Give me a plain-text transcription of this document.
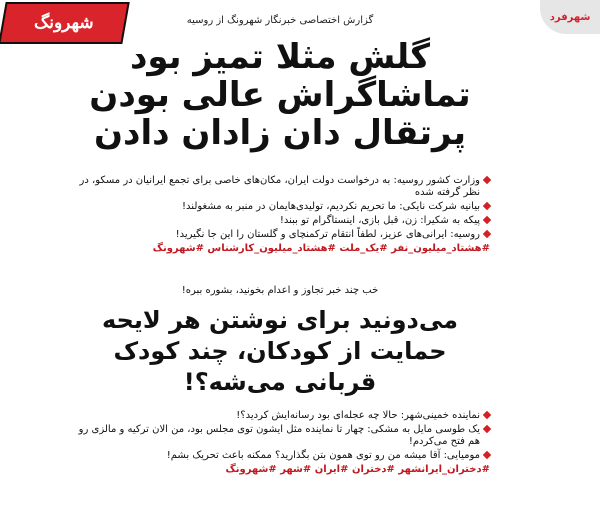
شهرونگ	شهرفرد
گزارش اختصاصی خبرنگار شهرونگ از روسیه
گلش مثلا تمیز بود
تماشاگراش عالی بودن
پرتقال دان زادان دادن
وزارت کشور روسیه: به درخواست دولت ایران، مکان‌های خاصی برای تجمع ایرانیان در مسکو، در نظر گرفته شده
بیانیه شرکت نایکی: ما تحریم نکردیم، تولیدی‌هایمان در منبر به مشغولند!
پیکه به شکیرا: زن، قبل بازی، اینستاگرام تو ببند!
روسیه: ایرانی‌های عزیز، لطفاً انتقام ترکمنچای و گلستان را این جا نگیرید!
#هشتاد_میلیون_نفر #یک_ملت #هشتاد_میلیون_کارشناس #شهرونگ
خب چند خبر تجاوز و اعدام بخونید، بشوره ببره!
می‌دونید برای نوشتن هر لایحه
حمایت از کودکان، چند کودک
قربانی می‌شه؟!
نماینده خمینی‌شهر: حالا چه عجله‌ای بود رسانه‌ایش کردید؟!
یک طوسی مایل به مشکی: چهار تا نماینده مثل ایشون توی مجلس بود، من الان ترکیه و مالزی رو هم فتح می‌کردم!
مومیایی: آقا میشه من رو توی همون بتن بگذارید؟ ممکنه باعث تحریک بشم!
#دختران_ایرانشهر #دختران #ایران #شهر #شهرونگ
